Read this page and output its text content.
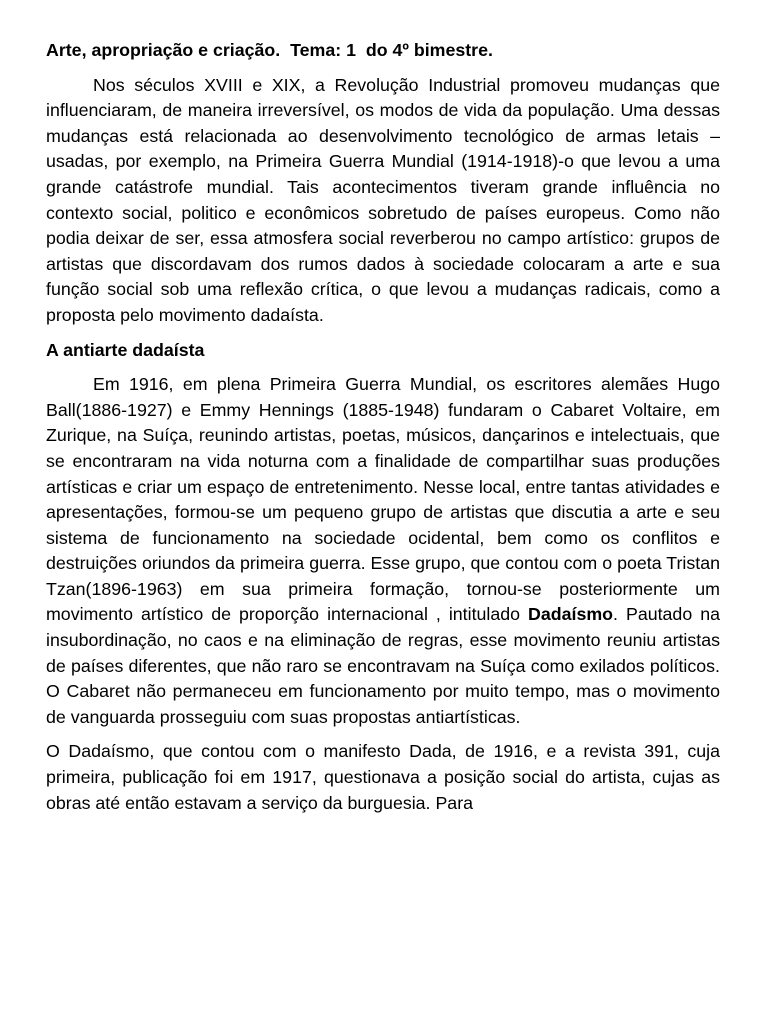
Arte, apropriação e criação.  Tema: 1  do 4º bimestre.

Nos séculos XVIII e XIX, a Revolução Industrial promoveu mudanças que influenciaram, de maneira irreversível, os modos de vida da população. Uma dessas mudanças está relacionada ao desenvolvimento tecnológico de armas letais – usadas, por exemplo, na Primeira Guerra Mundial (1914-1918)-o que levou a uma grande catástrofe mundial. Tais acontecimentos tiveram grande influência no contexto social, politico e econômicos sobretudo de países europeus. Como não podia deixar de ser, essa atmosfera social reverberou no campo artístico: grupos de artistas que discordavam dos rumos dados à sociedade colocaram a arte e sua função social sob uma reflexão crítica, o que levou a mudanças radicais, como a proposta pelo movimento dadaísta.

A antiarte dadaísta

Em 1916, em plena Primeira Guerra Mundial, os escritores alemães Hugo Ball(1886-1927) e Emmy Hennings (1885-1948) fundaram o Cabaret Voltaire, em Zurique, na Suíça, reunindo artistas, poetas, músicos, dançarinos e intelectuais, que se encontraram na vida noturna com a finalidade de compartilhar suas produções artísticas e criar um espaço de entretenimento. Nesse local, entre tantas atividades e apresentações, formou-se um pequeno grupo de artistas que discutia a arte e seu sistema de funcionamento na sociedade ocidental, bem como os conflitos e destruições oriundos da primeira guerra. Esse grupo, que contou com o poeta Tristan Tzan(1896-1963) em sua primeira formação, tornou-se posteriormente um movimento artístico de proporção internacional , intitulado Dadaísmo. Pautado na insubordinação, no caos e na eliminação de regras, esse movimento reuniu artistas de países diferentes, que não raro se encontravam na Suíça como exilados políticos. O Cabaret não permaneceu em funcionamento por muito tempo, mas o movimento de vanguarda prosseguiu com suas propostas antiartísticas.

O Dadaísmo, que contou com o manifesto Dada, de 1916, e a revista 391, cuja primeira, publicação foi em 1917, questionava a posição social do artista, cujas as obras até então estavam a serviço da burguesia. Para
